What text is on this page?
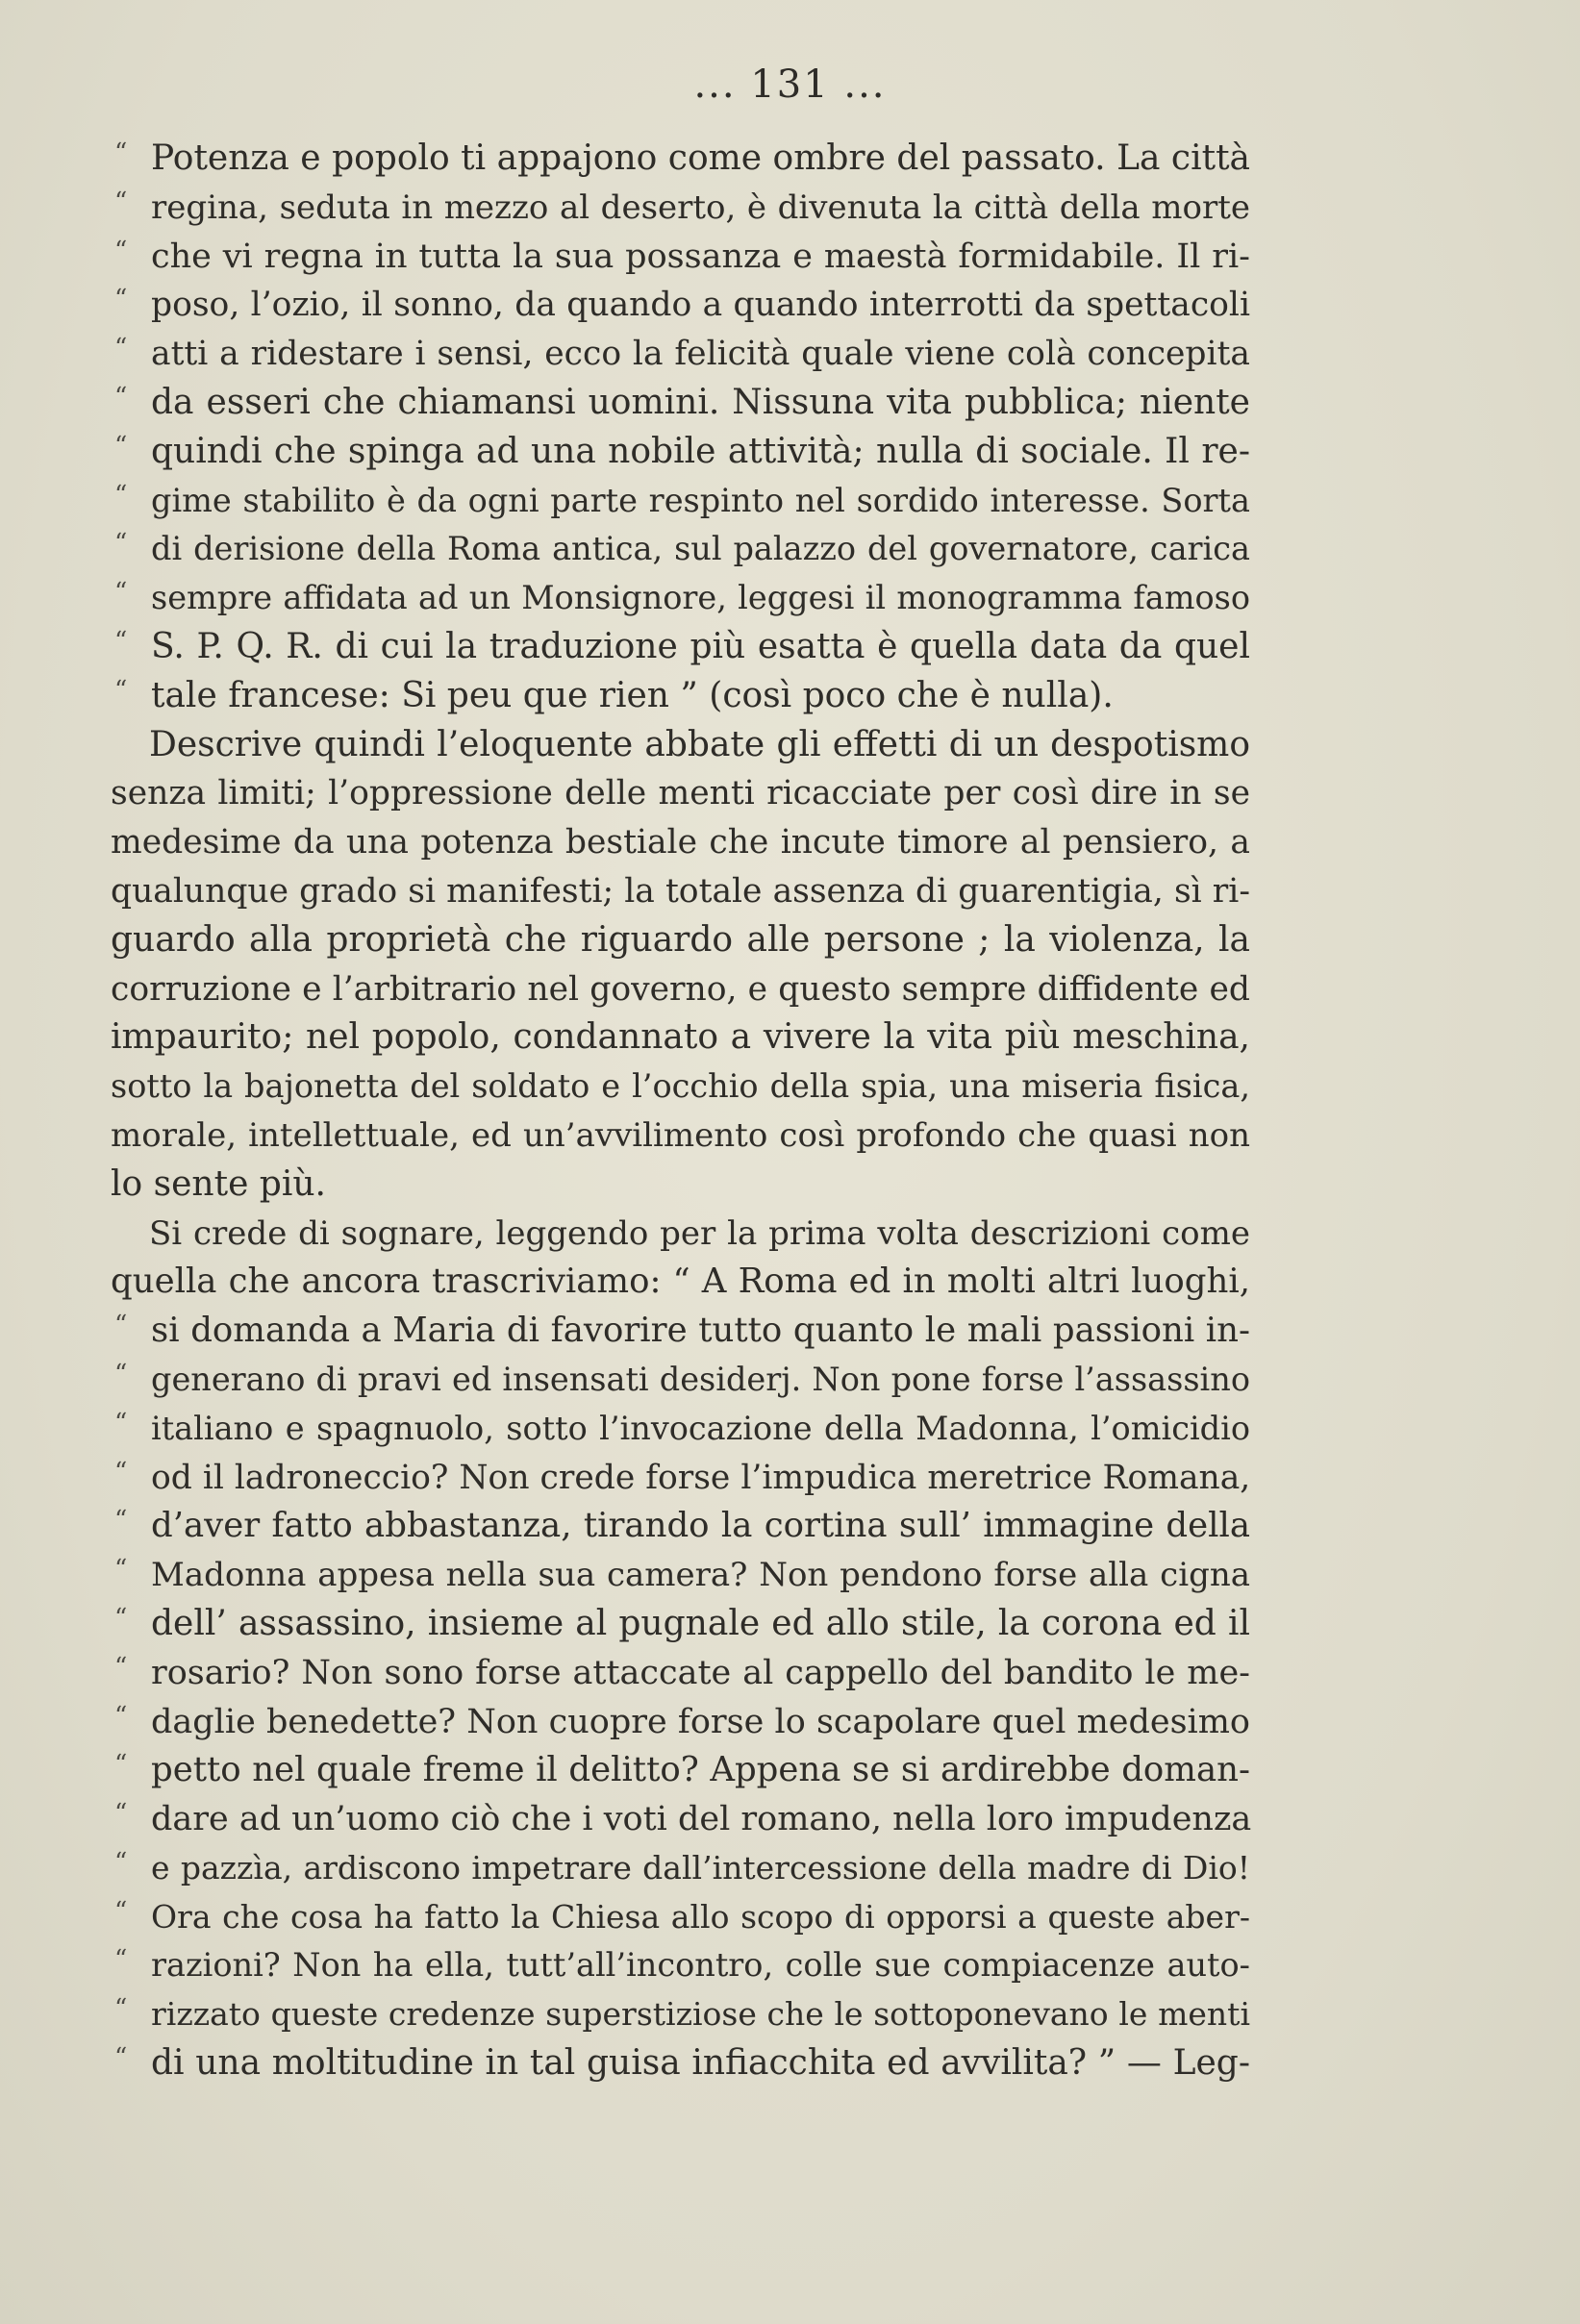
... 131 ...
“ Potenza e popolo ti appajono come ombre del passato. La città
“ regina, seduta in mezzo al deserto, è divenuta la città della morte
“ che vi regna in tutta la sua possanza e maestà formidabile. Il ri-
“ poso, l’ozio, il sonno, da quando a quando interrotti da spettacoli
“ atti a ridestare i sensi, ecco la felicità quale viene colà concepita
“ da esseri che chiamansi uomini. Nissuna vita pubblica; niente
“ quindi che spinga ad una nobile attività; nulla di sociale. Il re-
“ gime stabilito è da ogni parte respinto nel sordido interesse. Sorta
“ di derisione della Roma antica, sul palazzo del governatore, carica
“ sempre affidata ad un Monsignore, leggesi il monogramma famoso
“ S. P. Q. R. di cui la traduzione più esatta è quella data da quel
“ tale francese: Si peu que rien ” (così poco che è nulla).
Descrive quindi l’eloquente abbate gli effetti di un despotismo
senza limiti; l’oppressione delle menti ricacciate per così dire in se
medesime da una potenza bestiale che incute timore al pensiero, a
qualunque grado si manifesti; la totale assenza di guarentigia, sì ri-
guardo alla proprietà che riguardo alle persone ; la violenza, la
corruzione e l’arbitrario nel governo, e questo sempre diffidente ed
impaurito; nel popolo, condannato a vivere la vita più meschina,
sotto la bajonetta del soldato e l’occhio della spia, una miseria fisica,
morale, intellettuale, ed un’avvilimento così profondo che quasi non
lo sente più.
Si crede di sognare, leggendo per la prima volta descrizioni come
quella che ancora trascriviamo: “ A Roma ed in molti altri luoghi,
“ si domanda a Maria di favorire tutto quanto le mali passioni in-
“ generano di pravi ed insensati desiderj. Non pone forse l’assassino
“ italiano e spagnuolo, sotto l’invocazione della Madonna, l’omicidio
“ od il ladroneccio? Non crede forse l’impudica meretrice Romana,
“ d’aver fatto abbastanza, tirando la cortina sull’ immagine della
“ Madonna appesa nella sua camera? Non pendono forse alla cigna
“ dell’ assassino, insieme al pugnale ed allo stile, la corona ed il
“ rosario? Non sono forse attaccate al cappello del bandito le me-
“ daglie benedette? Non cuopre forse lo scapolare quel medesimo
“ petto nel quale freme il delitto? Appena se si ardirebbe doman-
“ dare ad un’uomo ciò che i voti del romano, nella loro impudenza
“ e pazzìa, ardiscono impetrare dall’intercessione della madre di Dio!
“ Ora che cosa ha fatto la Chiesa allo scopo di opporsi a queste aber-
“ razioni? Non ha ella, tutt’all’incontro, colle sue compiacenze auto-
“ rizzato queste credenze superstiziose che le sottoponevano le menti
“ di una moltitudine in tal guisa infiacchita ed avvilita? ” — Leg-
